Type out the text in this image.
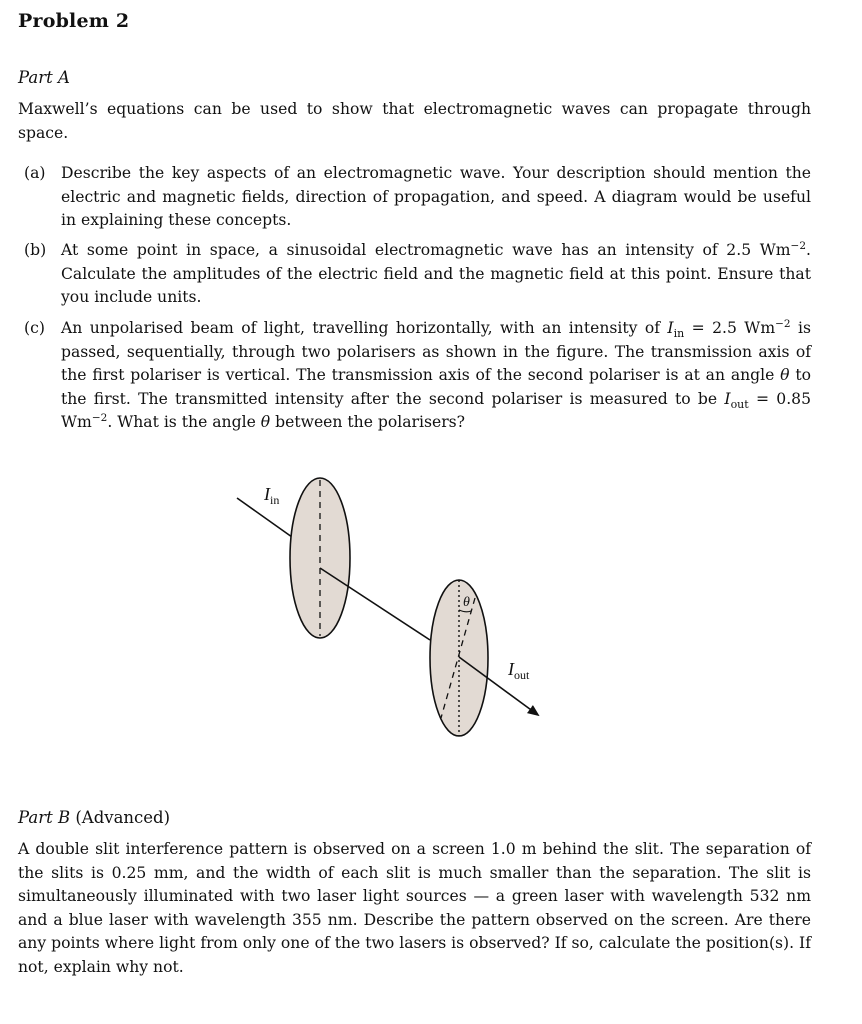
Problem 2
Part A
Maxwell’s equations can be used to show that electromagnetic waves can propagate through space.
(a) Describe the key aspects of an electromagnetic wave. Your description should mention the electric and magnetic fields, direction of propagation, and speed. A diagram would be useful in explaining these concepts.
(b) At some point in space, a sinusoidal electromagnetic wave has an intensity of 2.5 $Wm^{-2}$. Calculate the amplitudes of the electric field and the magnetic field at this point. Ensure that you include units.
(c) An unpolarised beam of light, travelling horizontally, with an intensity of $I_{in} = 2.5$ $Wm^{-2}$ is passed, sequentially, through two polarisers as shown in the figure. The transmission axis of the first polariser is vertical. The transmission axis of the second polariser is at an angle θ to the first. The transmitted intensity after the second polariser is measured to be $I_{out} = 0.85$ $Wm^{-2}$. What is the angle θ between the polarisers?
Part B (Advanced)
A double slit interference pattern is observed on a screen 1.0 m behind the slit. The separation of the slits is 0.25 mm, and the width of each slit is much smaller than the separation. The slit is simultaneously illuminated with two laser light sources — a green laser with wavelength 532 nm and a blue laser with wavelength 355 nm. Describe the pattern observed on the screen. Are there any points where light from only one of the two lasers is observed? If so, calculate the position(s). If not, explain why not.
$I_{in}$
$I_{out}$
θ
